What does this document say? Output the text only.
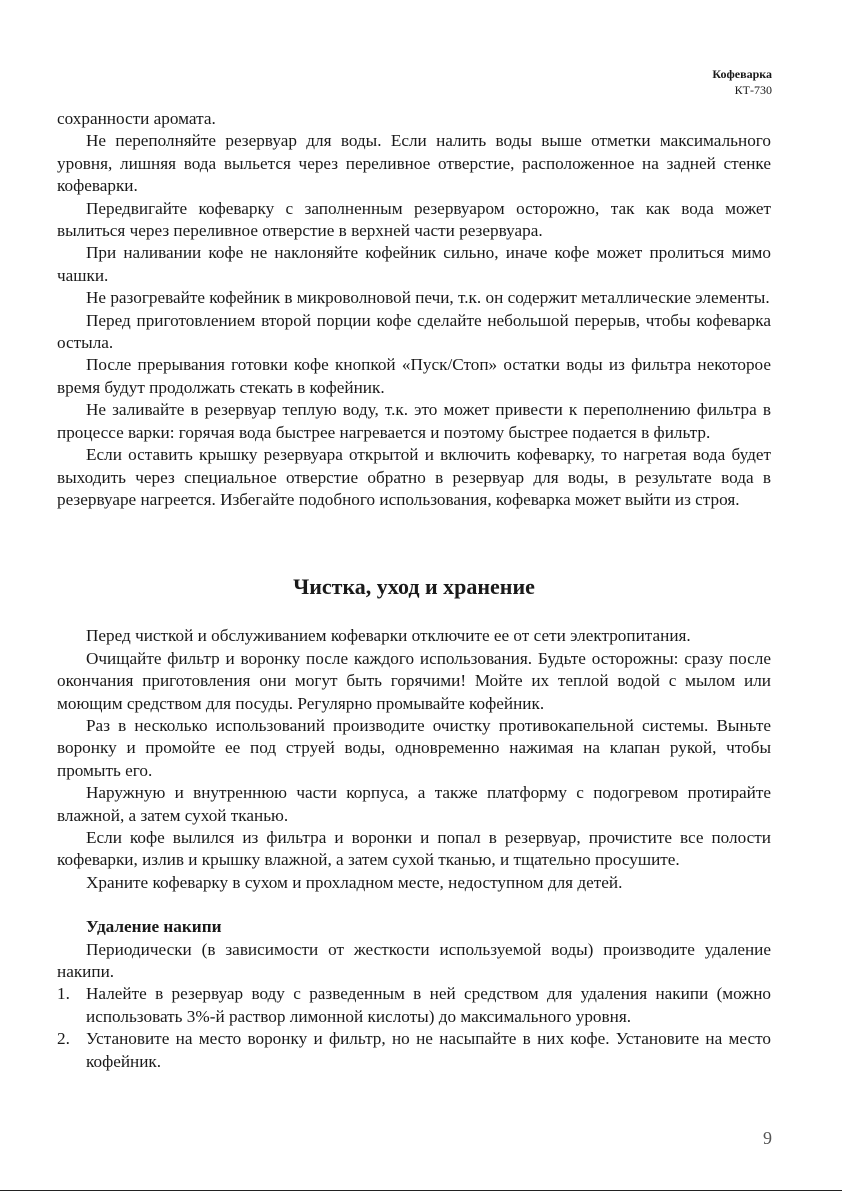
Кофеварка
КТ-730

сохранности аромата.

Не переполняйте резервуар для воды. Если налить воды выше отметки максимального уровня, лишняя вода выльется через переливное отверстие, расположенное на задней стенке кофеварки.

Передвигайте кофеварку с заполненным резервуаром осторожно, так как вода может вылиться через переливное отверстие в верхней части резервуара.

При наливании кофе не наклоняйте кофейник сильно, иначе кофе может пролиться мимо чашки.

Не разогревайте кофейник в микроволновой печи, т.к. он содержит металлические элементы.

Перед приготовлением второй порции кофе сделайте небольшой перерыв, чтобы кофеварка остыла.

После прерывания готовки кофе кнопкой «Пуск/Стоп» остатки воды из фильтра некоторое время будут продолжать стекать в кофейник.

Не заливайте в резервуар теплую воду, т.к. это может привести к переполнению фильтра в процессе варки: горячая вода быстрее нагревается и поэтому быстрее подается в фильтр.

Если оставить крышку резервуара открытой и включить кофеварку, то нагретая вода будет выходить через специальное отверстие обратно в резервуар для воды, в результате вода в резервуаре нагреется. Избегайте подобного использования, кофеварка может выйти из строя.

Чистка, уход и хранение

Перед чисткой и обслуживанием кофеварки отключите ее от сети электропитания.

Очищайте фильтр и воронку после каждого использования. Будьте осторожны: сразу после окончания приготовления они могут быть горячими! Мойте их теплой водой с мылом или моющим средством для посуды. Регулярно промывайте кофейник.

Раз в несколько использований производите очистку противокапельной системы. Выньте воронку и промойте ее под струей воды, одновременно нажимая на клапан рукой, чтобы промыть его.

Наружную и внутреннюю части корпуса, а также платформу с подогревом протирайте влажной, а затем сухой тканью.

Если кофе вылился из фильтра и воронки и попал в резервуар, прочистите все полости кофеварки, излив и крышку влажной, а затем сухой тканью, и тщательно просушите.

Храните кофеварку в сухом и прохладном месте, недоступном для детей.

Удаление накипи

Периодически (в зависимости от жесткости используемой воды) производите удаление накипи.

1. Налейте в резервуар воду с разведенным в ней средством для удаления накипи (можно использовать 3%-й раствор лимонной кислоты) до максимального уровня.
2. Установите на место воронку и фильтр, но не насыпайте в них кофе. Установите на место кофейник.
9
